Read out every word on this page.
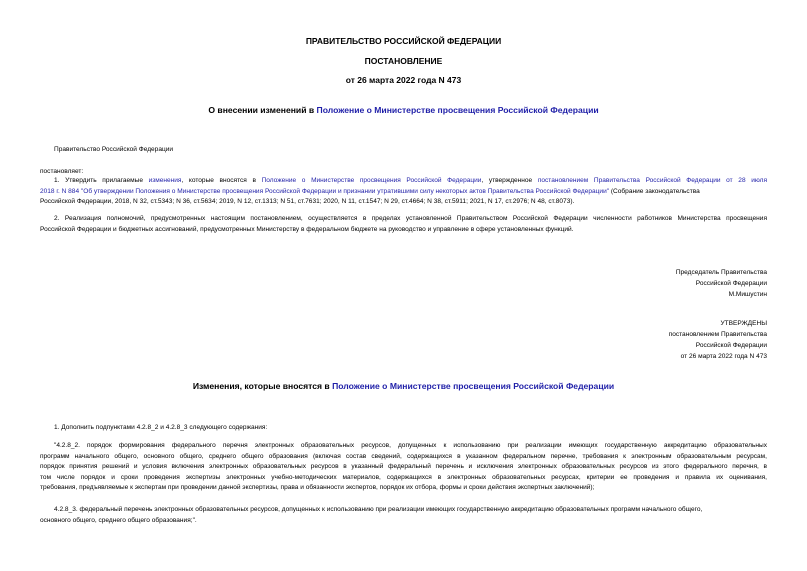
ПРАВИТЕЛЬСТВО РОССИЙСКОЙ ФЕДЕРАЦИИ
ПОСТАНОВЛЕНИЕ
от 26 марта 2022 года N 473
О внесении изменений в Положение о Министерстве просвещения Российской Федерации
Правительство Российской Федерации
постановляет:
1. Утвердить прилагаемые изменения, которые вносятся в Положение о Министерстве просвещения Российской Федерации, утвержденное постановлением Правительства Российской Федерации от 28 июля
2018 г. N 884 "Об утверждении Положения о Министерстве просвещения Российской Федерации и признании утратившими силу некоторых актов Правительства Российской Федерации" (Собрание законодательства
Российской Федерации, 2018, N 32, ст.5343; N 36, ст.5634; 2019, N 12, ст.1313; N 51, ст.7631; 2020, N 11, ст.1547; N 29, ст.4664; N 38, ст.5911; 2021, N 17, ст.2976; N 48, ст.8073).
2. Реализация полномочий, предусмотренных настоящим постановлением, осуществляется в пределах установленной Правительством Российской Федерации численности работников Министерства просвещения
Российской Федерации и бюджетных ассигнований, предусмотренных Министерству в федеральном бюджете на руководство и управление в сфере установленных функций.
Председатель Правительства
Российской Федерации
М.Мишустин
УТВЕРЖДЕНЫ
постановлением Правительства
Российской Федерации
от 26 марта 2022 года N 473
Изменения, которые вносятся в Положение о Министерстве просвещения Российской Федерации
1. Дополнить подпунктами 4.2.8_2 и 4.2.8_3 следующего содержания:
"4.2.8_2. порядок формирования федерального перечня электронных образовательных ресурсов, допущенных к использованию при реализации имеющих государственную аккредитацию образовательных
программ начального общего, основного общего, среднего общего образования (включая состав сведений, содержащихся в указанном федеральном перечне, требования к электронным образовательным ресурсам,
порядок принятия решений и условия включения электронных образовательных ресурсов в указанный федеральный перечень и исключения электронных образовательных ресурсов из этого федерального перечня, в
том числе порядок и сроки проведения экспертизы электронных учебно-методических материалов, содержащихся в электронных образовательных ресурсах, критерии ее проведения и правила их оценивания,
требования, предъявляемые к экспертам при проведении данной экспертизы, права и обязанности экспертов, порядок их отбора, формы и сроки действия экспертных заключений);
4.2.8_3. федеральный перечень электронных образовательных ресурсов, допущенных к использованию при реализации имеющих государственную аккредитацию образовательных программ начального общего,
основного общего, среднего общего образования;".
